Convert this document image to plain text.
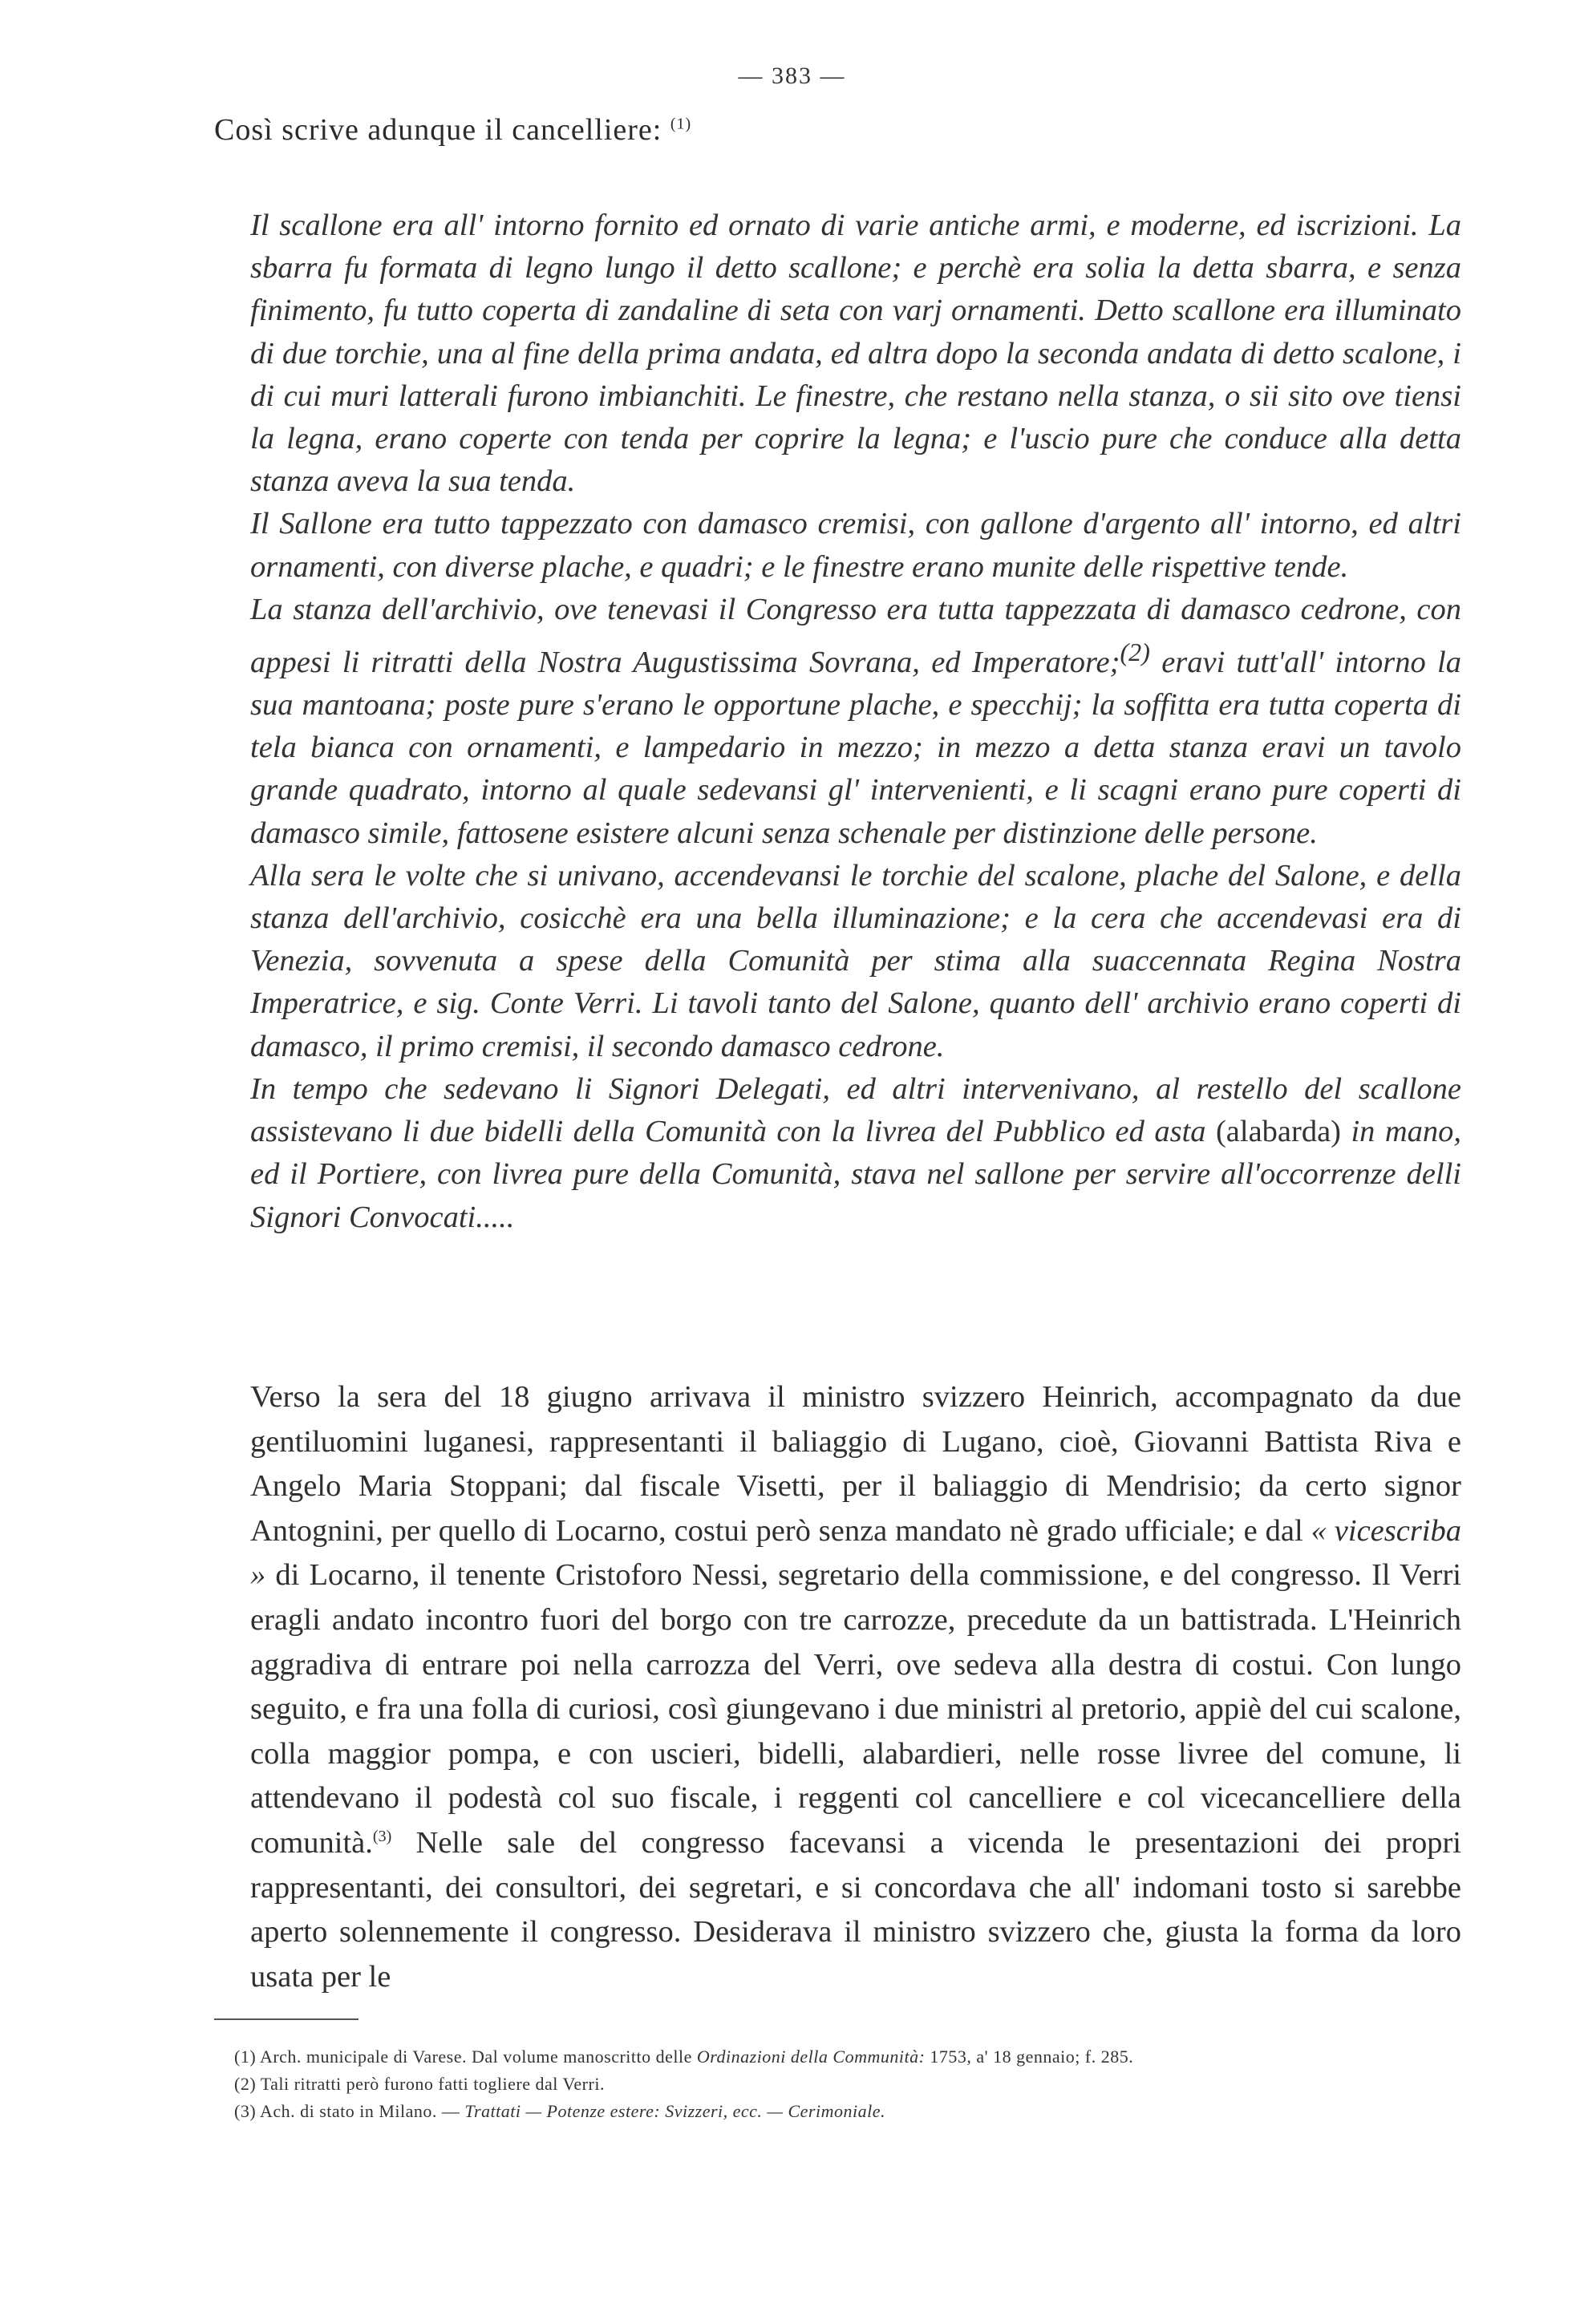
— 383 —
Così scrive adunque il cancelliere: $^{(1)}$

Il scallone era all' intorno fornito ed ornato di varie antiche armi, e moderne, ed iscrizioni. La sbarra fu formata di legno lungo il detto scallone; e perchè era solia la detta sbarra, e senza finimento, fu tutto coperta di zandaline di seta con varj ornamenti. Detto scallone era illuminato di due torchie, una al fine della prima andata, ed altra dopo la seconda andata di detto scalone, i di cui muri latterali furono imbianchiti. Le finestre, che restano nella stanza, o sii sito ove tiensi la legna, erano coperte con tenda per coprire la legna; e l'uscio pure che conduce alla detta stanza aveva la sua tenda.

Il Sallone era tutto tappezzato con damasco cremisi, con gallone d'argento all' intorno, ed altri ornamenti, con diverse plache, e quadri; e le finestre erano munite delle rispettive tende.

La stanza dell'archivio, ove tenevasi il Congresso era tutta tappezzata di damasco cedrone, con appesi li ritratti della Nostra Augustissima Sovrana, ed Imperatore;$^{(2)}$ eravi tutt'all' intorno la sua mantoana; poste pure s'erano le opportune plache, e specchij; la soffitta era tutta coperta di tela bianca con ornamenti, e lampedario in mezzo; in mezzo a detta stanza eravi un tavolo grande quadrato, intorno al quale sedevansi gl' intervenienti, e li scagni erano pure coperti di damasco simile, fattosene esistere alcuni senza schenale per distinzione delle persone.

Alla sera le volte che si univano, accendevansi le torchie del scalone, plache del Salone, e della stanza dell'archivio, cosicchè era una bella illuminazione; e la cera che accendevasi era di Venezia, sovvenuta a spese della Comunità per stima alla suaccennata Regina Nostra Imperatrice, e sig. Conte Verri. Li tavoli tanto del Salone, quanto dell' archivio erano coperti di damasco, il primo cremisi, il secondo damasco cedrone.

In tempo che sedevano li Signori Delegati, ed altri intervenivano, al restello del scallone assistevano li due bidelli della Comunità con la livrea del Pubblico ed asta (alabarda) in mano, ed il Portiere, con livrea pure della Comunità, stava nel sallone per servire all'occorrenze delli Signori Convocati.....

Verso la sera del 18 giugno arrivava il ministro svizzero Heinrich, accompagnato da due gentiluomini luganesi, rappresentanti il baliaggio di Lugano, cioè, Giovanni Battista Riva e Angelo Maria Stoppani; dal fiscale Visetti, per il baliaggio di Mendrisio; da certo signor Antognini, per quello di Locarno, costui però senza mandato nè grado ufficiale; e dal « vicescriba » di Locarno, il tenente Cristoforo Nessi, segretario della commissione, e del congresso. Il Verri eragli andato incontro fuori del borgo con tre carrozze, precedute da un battistrada. L'Heinrich aggradiva di entrare poi nella carrozza del Verri, ove sedeva alla destra di costui. Con lungo seguito, e fra una folla di curiosi, così giungevano i due ministri al pretorio, appiè del cui scalone, colla maggior pompa, e con uscieri, bidelli, alabardieri, nelle rosse livree del comune, li attendevano il podestà col suo fiscale, i reggenti col cancelliere e col vicecancelliere della comunità.$^{(3)}$ Nelle sale del congresso facevansi a vicenda le presentazioni dei propri rappresentanti, dei consultori, dei segretari, e si concordava che all' indomani tosto si sarebbe aperto solennemente il congresso. Desiderava il ministro svizzero che, giusta la forma da loro usata per le

(1) Arch. municipale di Varese. Dal volume manoscritto delle Ordinazioni della Communità: 1753, a' 18 gennaio; f. 285.
(2) Tali ritratti però furono fatti togliere dal Verri.
(3) Ach. di stato in Milano. — Trattati — Potenze estere: Svizzeri, ecc. — Cerimoniale.
